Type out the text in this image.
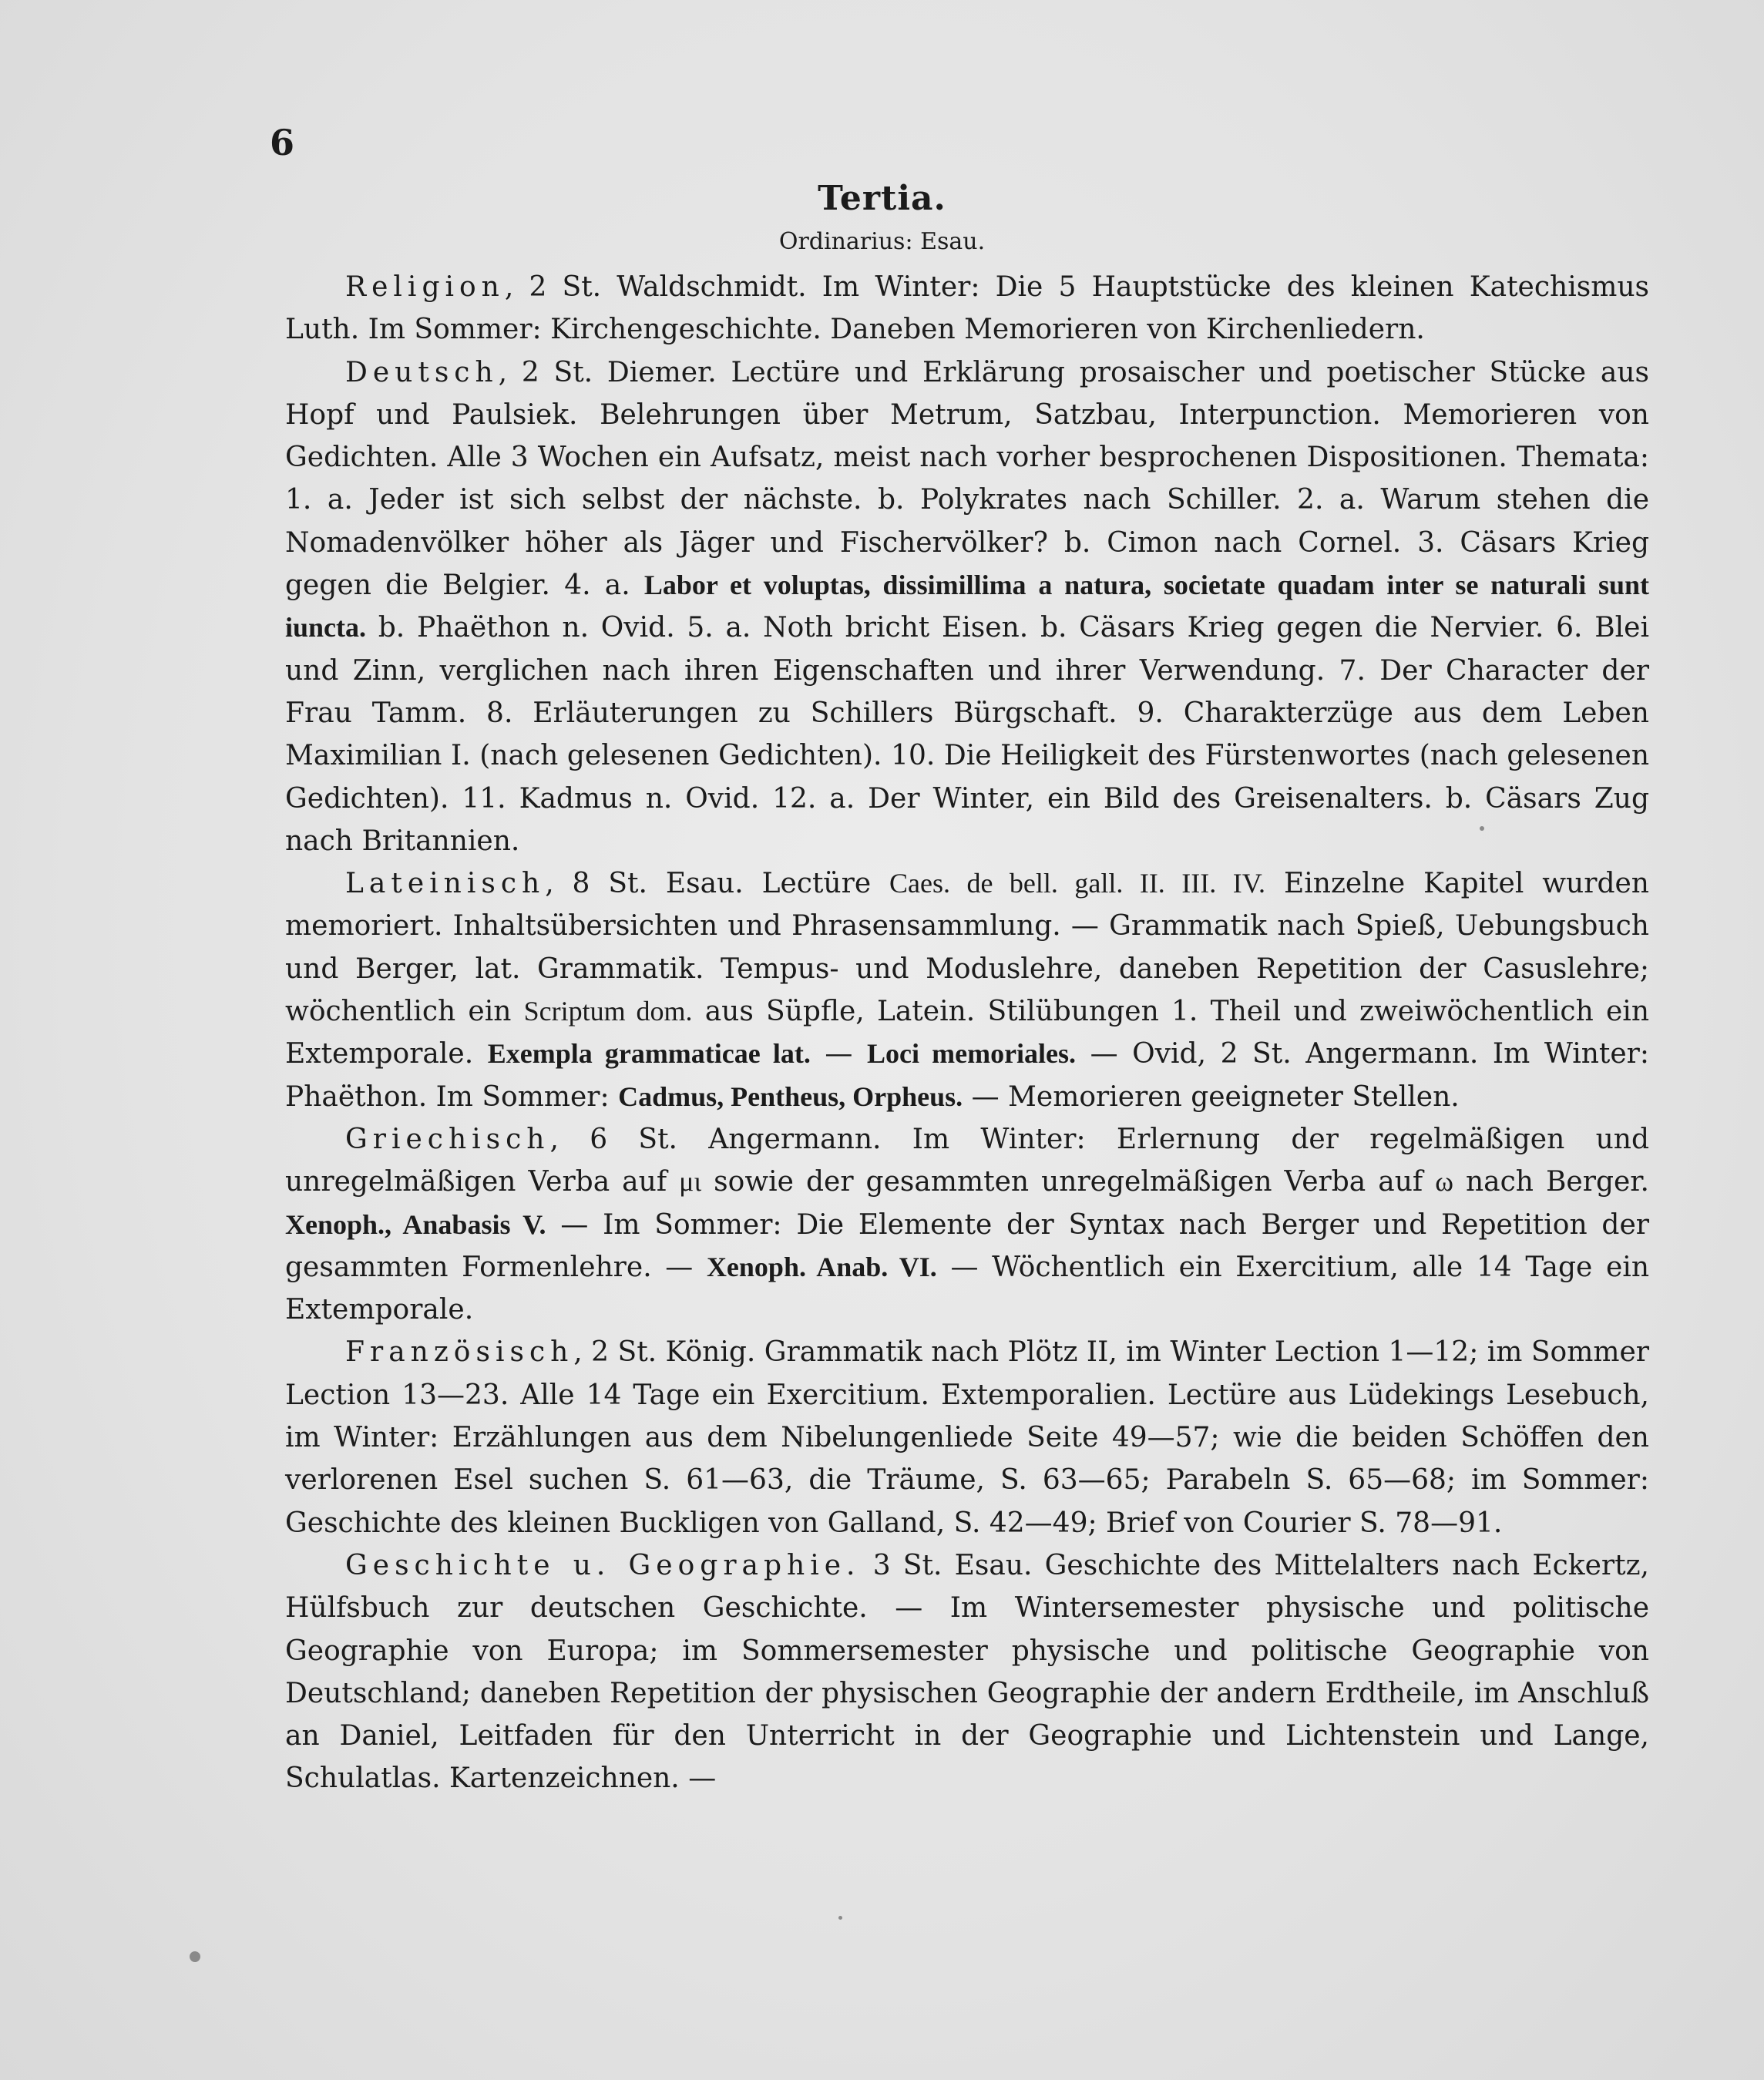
6
Tertia.
Ordinarius: Esau.

Religion, 2 St. Waldschmidt. Im Winter: Die 5 Hauptstücke des kleinen Katechismus Luth. Im Sommer: Kirchengeschichte. Daneben Memorieren von Kirchenliedern.

Deutsch, 2 St. Diemer. Lectüre und Erklärung prosaischer und poetischer Stücke aus Hopf und Paulsiek. Belehrungen über Metrum, Satzbau, Interpunction. Memorieren von Gedichten. Alle 3 Wochen ein Aufsatz, meist nach vorher besprochenen Dispositionen. Themata: 1. a. Jeder ist sich selbst der nächste. b. Polykrates nach Schiller. 2. a. Warum stehen die Nomadenvölker höher als Jäger und Fischervölker? b. Cimon nach Cornel. 3. Cäsars Krieg gegen die Belgier. 4. a. Labor et voluptas, dissimillima a natura, societate quadam inter se naturali sunt iuncta. b. Phaëthon n. Ovid. 5. a. Noth bricht Eisen. b. Cäsars Krieg gegen die Nervier. 6. Blei und Zinn, verglichen nach ihren Eigenschaften und ihrer Verwendung. 7. Der Character der Frau Tamm. 8. Erläuterungen zu Schillers Bürgschaft. 9. Charakterzüge aus dem Leben Maximilian I. (nach gelesenen Gedichten). 10. Die Heiligkeit des Fürstenwortes (nach gelesenen Gedichten). 11. Kadmus n. Ovid. 12. a. Der Winter, ein Bild des Greisenalters. b. Cäsars Zug nach Britannien.

Lateinisch, 8 St. Esau. Lectüre Caes. de bell. gall. II. III. IV. Einzelne Kapitel wurden memoriert. Inhaltsübersichten und Phrasensammlung. — Grammatik nach Spieß, Uebungsbuch und Berger, lat. Grammatik. Tempus- und Moduslehre, daneben Repetition der Casuslehre; wöchentlich ein Scriptum dom. aus Süpfle, Latein. Stilübungen 1. Theil und zweiwöchentlich ein Extemporale. Exempla grammaticae lat. — Loci memoriales. — Ovid, 2 St. Angermann. Im Winter: Phaëthon. Im Sommer: Cadmus, Pentheus, Orpheus. — Memorieren geeigneter Stellen.

Griechisch, 6 St. Angermann. Im Winter: Erlernung der regelmäßigen und unregelmäßigen Verba auf μι sowie der gesammten unregelmäßigen Verba auf ω nach Berger. Xenoph., Anabasis V. — Im Sommer: Die Elemente der Syntax nach Berger und Repetition der gesammten Formenlehre. — Xenoph. Anab. VI. — Wöchentlich ein Exercitium, alle 14 Tage ein Extemporale.

Französisch, 2 St. König. Grammatik nach Plötz II, im Winter Lection 1—12; im Sommer Lection 13—23. Alle 14 Tage ein Exercitium. Extemporalien. Lectüre aus Lüdekings Lesebuch, im Winter: Erzählungen aus dem Nibelungenliede Seite 49—57; wie die beiden Schöffen den verlorenen Esel suchen S. 61—63, die Träume, S. 63—65; Parabeln S. 65—68; im Sommer: Geschichte des kleinen Buckligen von Galland, S. 42—49; Brief von Courier S. 78—91.

Geschichte u. Geographie. 3 St. Esau. Geschichte des Mittelalters nach Eckertz, Hülfsbuch zur deutschen Geschichte. — Im Wintersemester physische und politische Geographie von Europa; im Sommersemester physische und politische Geographie von Deutschland; daneben Repetition der physischen Geographie der andern Erdtheile, im Anschluß an Daniel, Leitfaden für den Unterricht in der Geographie und Lichtenstein und Lange, Schulatlas. Kartenzeichnen. —
